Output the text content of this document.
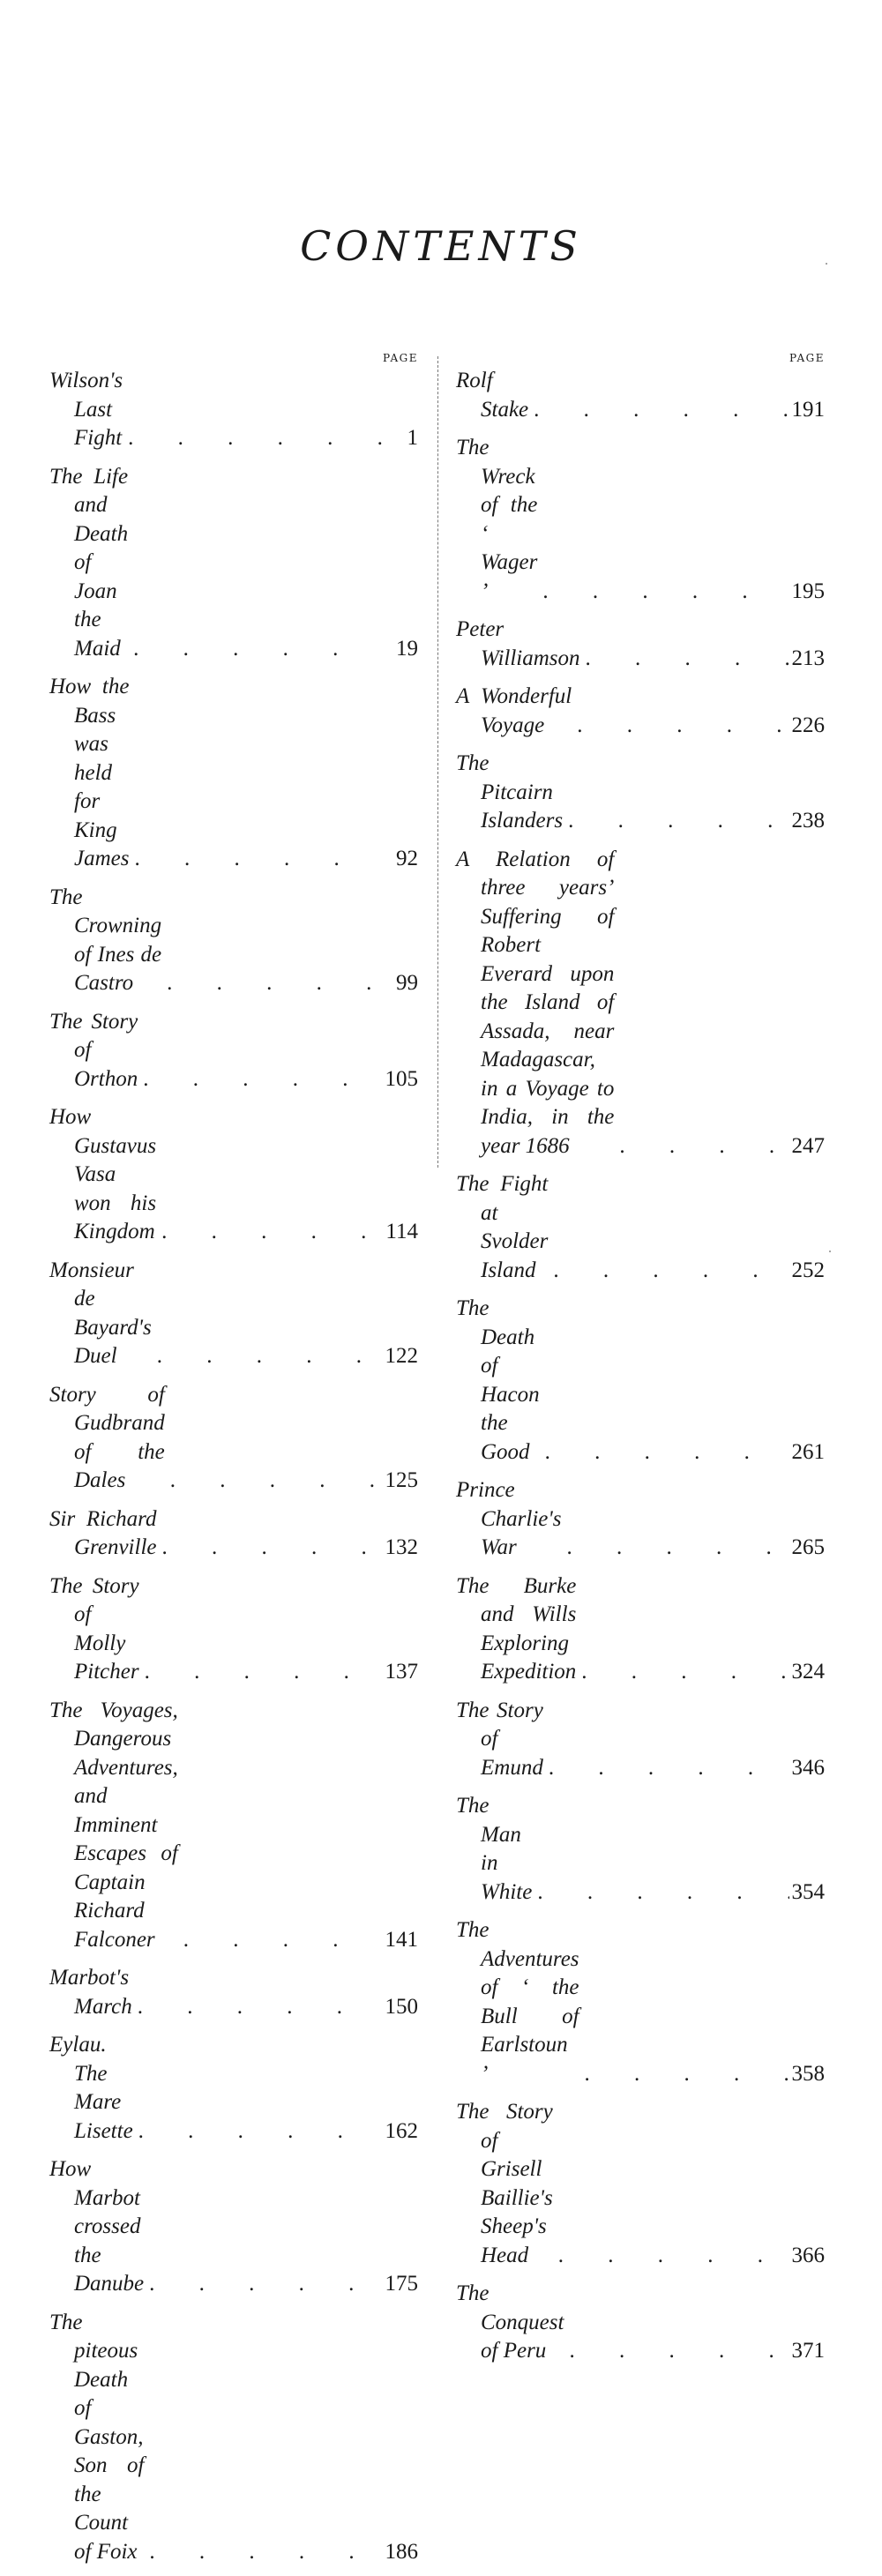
CONTENTS
PAGE
Wilson's Last Fight . . .	1
The Life and Death of Joan the Maid . . .	19
How the Bass was held for King James . . .	92
The Crowning of Ines de Castro . . .	99
The Story of Orthon . . .	105
How Gustavus Vasa won his Kingdom . . .	114
Monsieur de Bayard's Duel . . .	122
Story of Gudbrand of the Dales . . .	125
Sir Richard Grenville . . .	132
The Story of Molly Pitcher . . .	137
The Voyages, Dangerous Adventures, and Imminent Escapes of Captain Richard Falconer . . .	141
Marbot's March . . .	150
Eylau. The Mare Lisette . . .	162
How Marbot crossed the Danube . . .	175
The piteous Death of Gaston, Son of the Count of Foix . . .	186
PAGE
Rolf Stake . . .	191
The Wreck of the ‘ Wager ’ . . .	195
Peter Williamson . . .	213
A Wonderful Voyage . . .	226
The Pitcairn Islanders . . .	238
A Relation of three years’ Suffering of Robert Everard upon the Island of Assada, near Madagascar, in a Voyage to India, in the year 1686 . . .	247
The Fight at Svolder Island . . .	252
The Death of Hacon the Good . . .	261
Prince Charlie's War . . .	265
The Burke and Wills Exploring Expedition . . .	324
The Story of Emund . . .	346
The Man in White . . .	354
The Adventures of ‘ the Bull of Earlstoun ’ . . .	358
The Story of Grisell Baillie's Sheep's Head . . .	366
The Conquest of Peru . . .	371
